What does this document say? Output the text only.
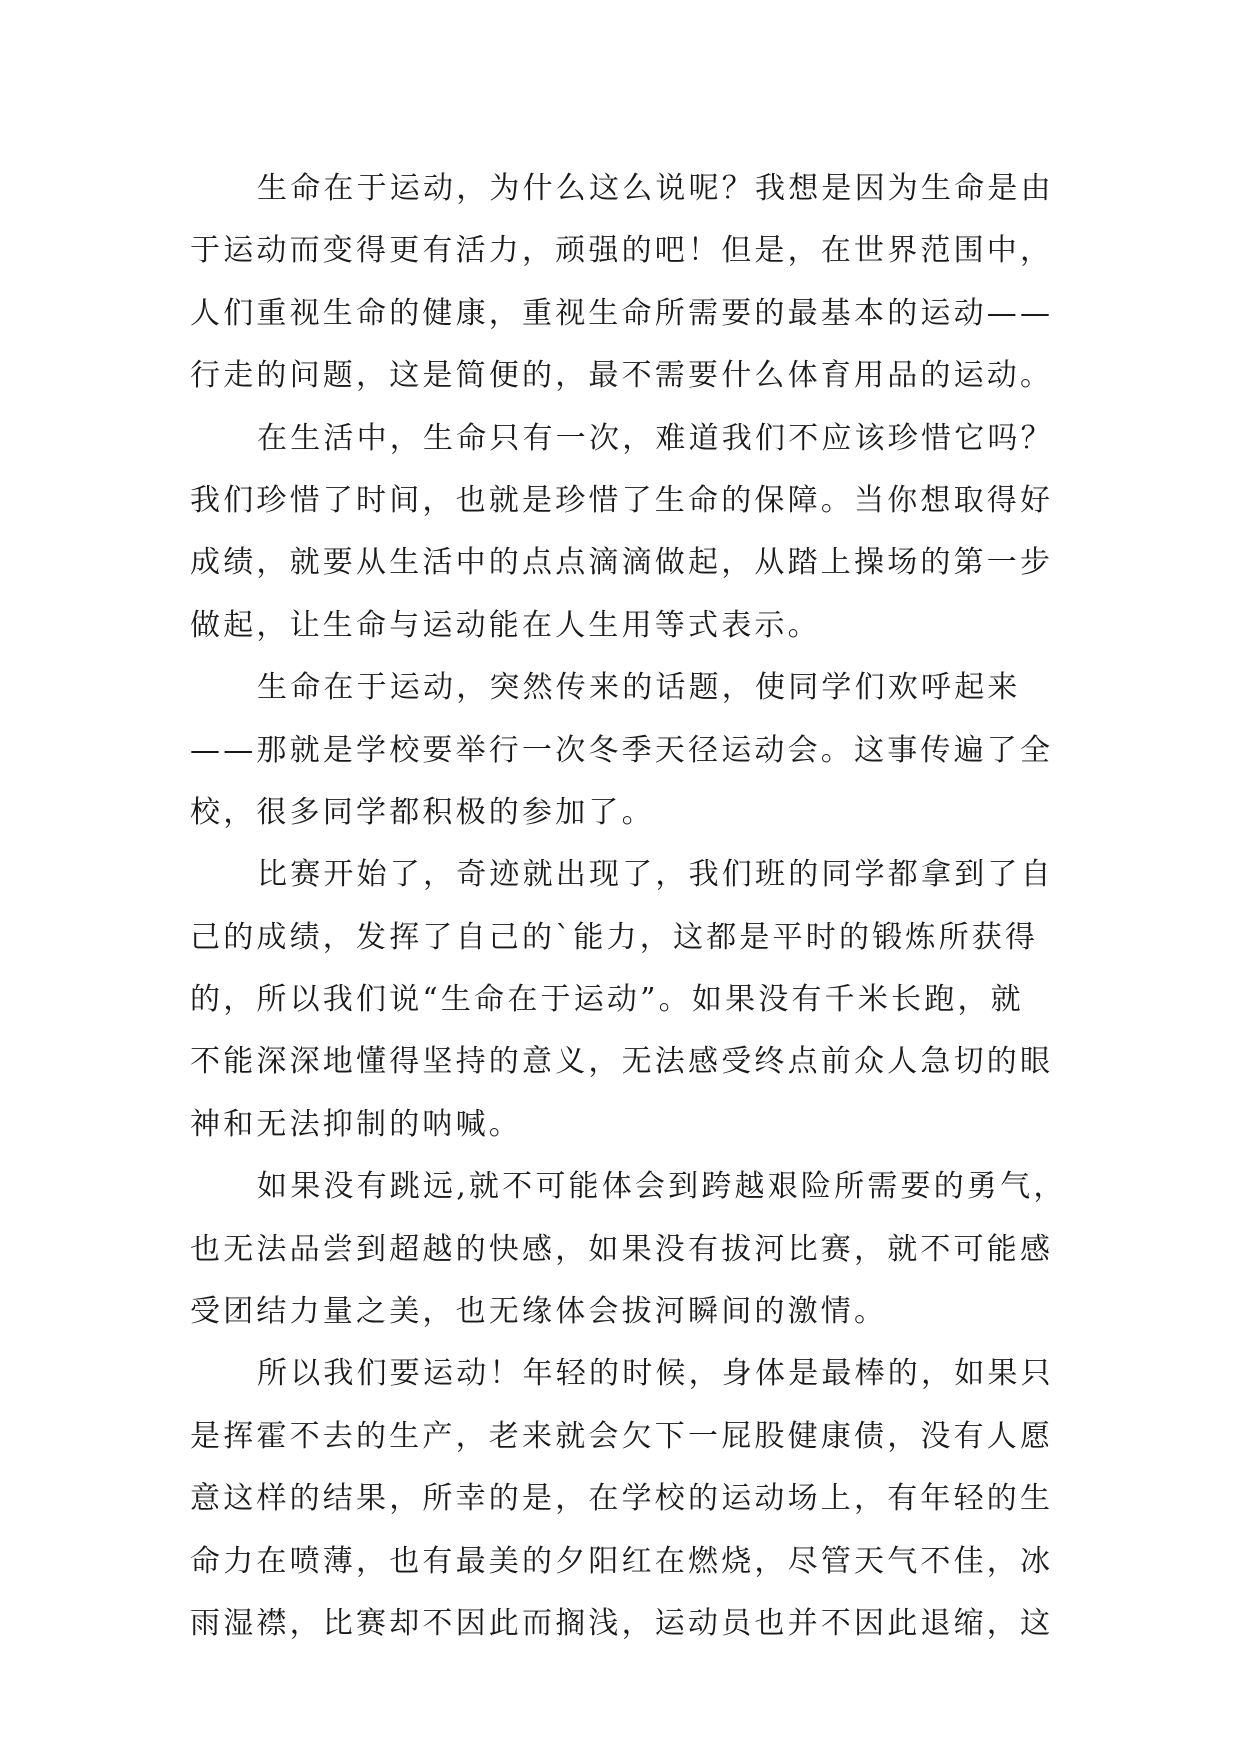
生命在于运动，为什么这么说呢？我想是因为生命是由
于运动而变得更有活力，顽强的吧！但是，在世界范围中，
人们重视生命的健康，重视生命所需要的最基本的运动——
行走的问题，这是简便的，最不需要什么体育用品的运动。
在生活中，生命只有一次，难道我们不应该珍惜它吗？
我们珍惜了时间，也就是珍惜了生命的保障。当你想取得好
成绩，就要从生活中的点点滴滴做起，从踏上操场的第一步
做起，让生命与运动能在人生用等式表示。
生命在于运动，突然传来的话题，使同学们欢呼起来
——那就是学校要举行一次冬季天径运动会。这事传遍了全
校，很多同学都积极的参加了。
比赛开始了，奇迹就出现了，我们班的同学都拿到了自
己的成绩，发挥了自己的`能力，这都是平时的锻炼所获得
的，所以我们说“生命在于运动”。如果没有千米长跑，就
不能深深地懂得坚持的意义，无法感受终点前众人急切的眼
神和无法抑制的呐喊。
如果没有跳远,就不可能体会到跨越艰险所需要的勇气，
也无法品尝到超越的快感，如果没有拔河比赛，就不可能感
受团结力量之美，也无缘体会拔河瞬间的激情。
所以我们要运动！年轻的时候，身体是最棒的，如果只
是挥霍不去的生产，老来就会欠下一屁股健康债，没有人愿
意这样的结果，所幸的是，在学校的运动场上，有年轻的生
命力在喷薄，也有最美的夕阳红在燃烧，尽管天气不佳，冰
雨湿襟，比赛却不因此而搁浅，运动员也并不因此退缩，这
